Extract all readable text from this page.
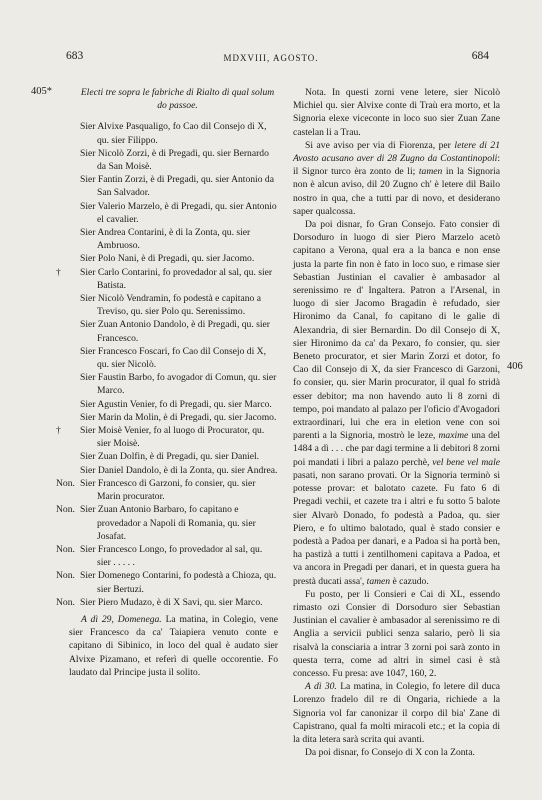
683	MDXVIII, AGOSTO.	684
405*
406

Electi tre sopra le fabriche di Rialto di qual solum do passoe.

Sier Alvixe Pasqualigo, fo Cao dil Consejo di X, qu. sier Filippo.

Sier Nicolò Zorzi, è di Pregadi, qu. sier Bernardo da San Moisè.

Sier Fantin Zorzi, è di Pregadi, qu. sier Antonio da San Salvador.

Sier Valerio Marzelo, è di Pregadi, qu. sier Antonio el cavalier.

Sier Andrea Contarini, è di la Zonta, qu. sier Ambruoso.

Sier Polo Nani, è di Pregadi, qu. sier Jacomo.

† Sier Carlo Contarini, fo provedador al sal, qu. sier Batista.

Sier Nicolò Vendramin, fo podestà e capitano a Treviso, qu. sier Polo qu. Serenissimo.

Sier Zuan Antonio Dandolo, è di Pregadi, qu. sier Francesco.

Sier Francesco Foscari, fo Cao dil Consejo di X, qu. sier Nicolò.

Sier Faustin Barbo, fo avogador di Comun, qu. sier Marco.

Sier Agustin Venier, fo di Pregadi, qu. sier Marco.

Sier Marin da Molin, è di Pregadi, qu. sier Jacomo.

† Sier Moisè Venier, fo al luogo di Procurator, qu. sier Moisè.

Sier Zuan Dolfin, è di Pregadi, qu. sier Daniel.

Sier Daniel Dandolo, è di la Zonta, qu. sier Andrea.

Non. Sier Francesco di Garzoni, fo consier, qu. sier Marin procurator.

Non. Sier Zuan Antonio Barbaro, fo capitano e provedador a Napoli di Romania, qu. sier Josafat.

Non. Sier Francesco Longo, fo provedador al sal, qu. sier . . . . .

Non. Sier Domenego Contarini, fo podestà a Chioza, qu. sier Bertuzi.

Non. Sier Piero Mudazo, è di X Savi, qu. sier Marco.

A dì 29, Domenega. La matina, in Colegio, vene sier Francesco da ca' Taiapiera venuto conte e capitano di Sibinico, in loco del qual è audato sier Alvixe Pizamano, et referì di quelle occorentie. Fo laudato dal Principe justa il solito.

Nota. In questi zorni vene letere, sier Nicolò Michiel qu. sier Alvixe conte di Traù era morto, et la Signoria elexe viceconte in loco suo sier Zuan Zane castelan li a Trau.

Si ave aviso per via di Fiorenza, per letere di 21 Avosto acusano aver di 28 Zugno da Costantinopoli: il Signor turco èra zonto de li; tamen in la Signoria non è alcun aviso, dil 20 Zugno ch' è letere dil Bailo nostro in qua, che a tutti par di novo, et desiderano saper qualcossa.

Da poi disnar, fo Gran Consejo. Fato consier di Dorsoduro in luogo di sier Piero Marzelo acetò capitano a Verona, qual era a la banca e non ense justa la parte fin non è fato in loco suo, e rimase sier Sebastian Justinian el cavalier è ambasador al serenissimo re d' Ingaltera. Patron a l'Arsenal, in luogo di sier Jacomo Bragadin è refudado, sier Hironimo da Canal, fo capitano di le galie di Alexandria, di sier Bernardin. Do dil Consejo di X, sier Hironimo da ca' da Pexaro, fo consier, qu. sier Beneto procurator, et sier Marin Zorzi et dotor, fo Cao dil Consejo di X, da sier Francesco di Garzoni, fo consier, qu. sier Marin procurator, il qual fo stridà esser debitor; ma non havendo auto li 8 zorni di tempo, poi mandato al palazo per l'oficio d'Avogadori extraordinari, lui che era in eletion vene con soi parenti a la Signoria, mostrò le leze, maxime una del 1484 a dì . . . che par dagi termine a li debitori 8 zorni poi mandati i libri a palazo perchè, vel bene vel male pasati, non sarano provati. Or la Signoria terminò si potesse provar: et balotato cazete. Fu fato 6 di Pregadi vechii, et cazete tra i altri e fu sotto 5 balote sier Alvarò Donado, fo podestà a Padoa, qu. sier Piero, e fo ultimo balotado, qual è stado consier e podestà a Padoa per danari, e a Padoa si ha portà ben, ha pastizà a tutti i zentilhomeni capitava a Padoa, et va ancora in Pregadi per danari, et in questa guera ha prestà ducati assa', tamen è cazudo.

Fu posto, per li Consieri e Cai di XL, essendo rimasto ozi Consier di Dorsoduro sier Sebastian Justinian el cavalier è ambasador al serenissimo re di Anglia a servicii publici senza salario, però li sia risalvà la consciaria a intrar 3 zorni poi sarà zonto in questa terra, come ad altri in simel casi è stà concesso. Fu presa: ave 1047, 160, 2.

A dì 30. La matina, in Colegio, fo letere dil duca Lorenzo fradelo dil re di Ongaria, richiede a la Signoria vol far canonizar il corpo dil bia' Zane di Capistrano, qual fa molti miracoli etc.; et la copia di la dita letera sarà scrita qui avanti.

Da poi disnar, fo Consejo di X con la Zonta.
